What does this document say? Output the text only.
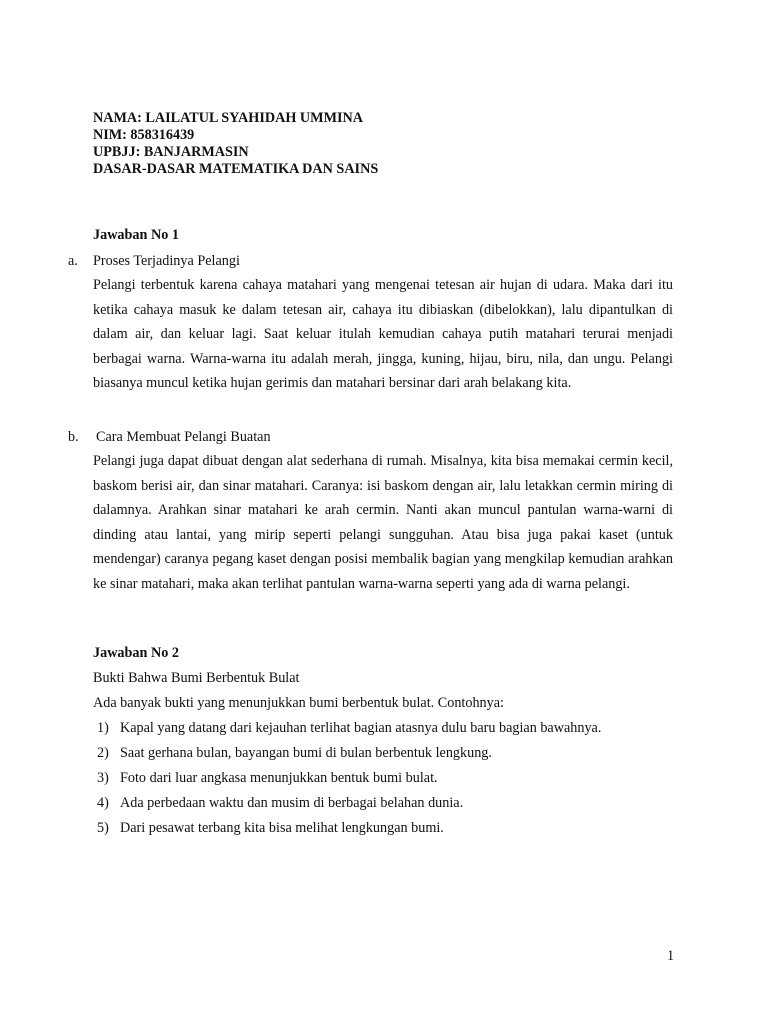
NAMA: LAILATUL SYAHIDAH UMMINA
NIM: 858316439
UPBJJ: BANJARMASIN
DASAR-DASAR MATEMATIKA DAN SAINS
Jawaban No 1
a. Proses Terjadinya Pelangi
Pelangi terbentuk karena cahaya matahari yang mengenai tetesan air hujan di udara. Maka dari itu ketika cahaya masuk ke dalam tetesan air, cahaya itu dibiaskan (dibelokkan), lalu dipantulkan di dalam air, dan keluar lagi. Saat keluar itulah kemudian cahaya putih matahari terurai menjadi berbagai warna. Warna-warna itu adalah merah, jingga, kuning, hijau, biru, nila, dan ungu. Pelangi biasanya muncul ketika hujan gerimis dan matahari bersinar dari arah belakang kita.
b. Cara Membuat Pelangi Buatan
Pelangi juga dapat dibuat dengan alat sederhana di rumah. Misalnya, kita bisa memakai cermin kecil, baskom berisi air, dan sinar matahari. Caranya: isi baskom dengan air, lalu letakkan cermin miring di dalamnya. Arahkan sinar matahari ke arah cermin. Nanti akan muncul pantulan warna-warni di dinding atau lantai, yang mirip seperti pelangi sungguhan. Atau bisa juga pakai kaset (untuk mendengar) caranya pegang kaset dengan posisi membalik bagian yang mengkilap kemudian arahkan ke sinar matahari, maka akan terlihat pantulan warna-warna seperti yang ada di warna pelangi.
Jawaban No 2
Bukti Bahwa Bumi Berbentuk Bulat
Ada banyak bukti yang menunjukkan bumi berbentuk bulat. Contohnya:
1) Kapal yang datang dari kejauhan terlihat bagian atasnya dulu baru bagian bawahnya.
2) Saat gerhana bulan, bayangan bumi di bulan berbentuk lengkung.
3) Foto dari luar angkasa menunjukkan bentuk bumi bulat.
4) Ada perbedaan waktu dan musim di berbagai belahan dunia.
5) Dari pesawat terbang kita bisa melihat lengkungan bumi.
1
